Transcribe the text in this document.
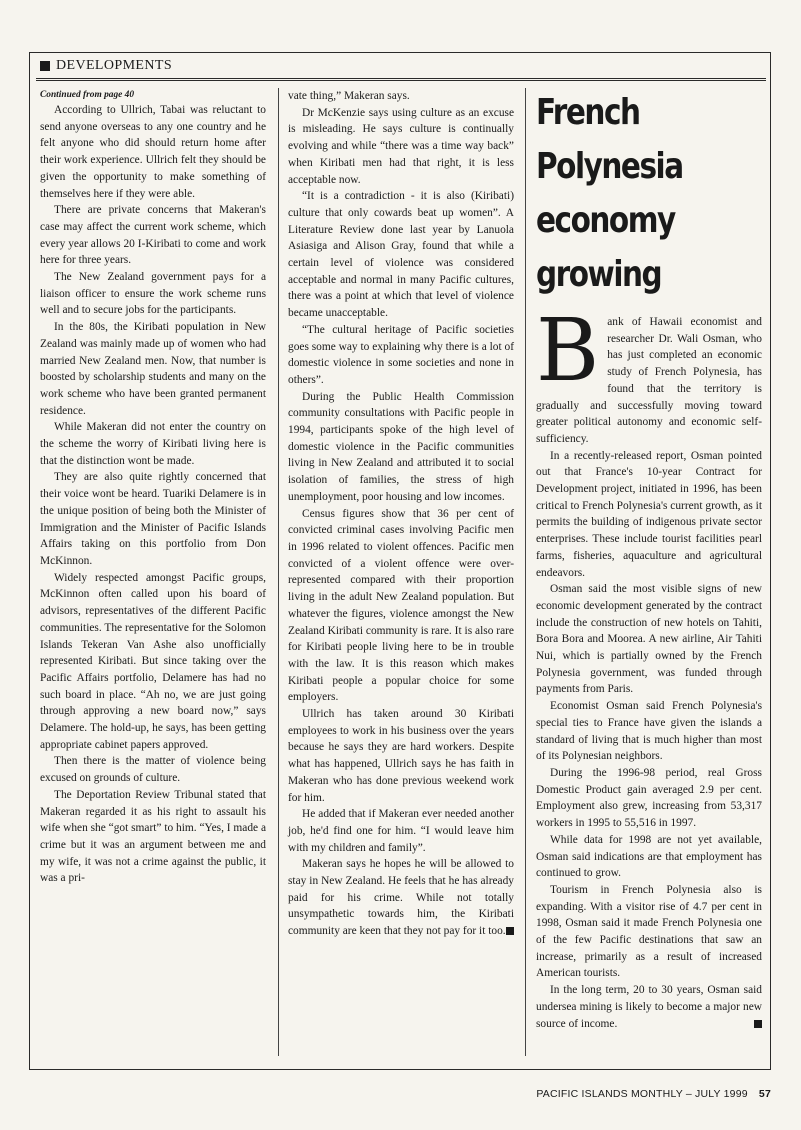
DEVELOPMENTS
Continued from page 40

According to Ullrich, Tabai was reluctant to send anyone overseas to any one country and he felt anyone who did should return home after their work experience. Ullrich felt they should be given the opportunity to make something of themselves here if they were able.

There are private concerns that Makeran's case may affect the current work scheme, which every year allows 20 I-Kiribati to come and work here for three years.

The New Zealand government pays for a liaison officer to ensure the work scheme runs well and to secure jobs for the participants.

In the 80s, the Kiribati population in New Zealand was mainly made up of women who had married New Zealand men. Now, that number is boosted by scholarship students and many on the work scheme who have been granted permanent residence.

While Makeran did not enter the country on the scheme the worry of Kiribati living here is that the distinction wont be made.

They are also quite rightly concerned that their voice wont be heard. Tuariki Delamere is in the unique position of being both the Minister of Immigration and the Minister of Pacific Islands Affairs taking on this portfolio from Don McKinnon.

Widely respected amongst Pacific groups, McKinnon often called upon his board of advisors, representatives of the different Pacific communities. The representative for the Solomon Islands Tekeran Van Ashe also unofficially represented Kiribati. But since taking over the Pacific Affairs portfolio, Delamere has had no such board in place. “Ah no, we are just going through approving a new board now,” says Delamere. The hold-up, he says, has been getting appropriate cabinet papers approved.

Then there is the matter of violence being excused on grounds of culture.

The Deportation Review Tribunal stated that Makeran regarded it as his right to assault his wife when she “got smart” to him. “Yes, I made a crime but it was an argument between me and my wife, it was not a crime against the public, it was a pri-

vate thing,” Makeran says.

Dr McKenzie says using culture as an excuse is misleading. He says culture is continually evolving and while “there was a time way back” when Kiribati men had that right, it is less acceptable now.

“It is a contradiction - it is also (Kiribati) culture that only cowards beat up women”. A Literature Review done last year by Lanuola Asiasiga and Alison Gray, found that while a certain level of violence was considered acceptable and normal in many Pacific cultures, there was a point at which that level of violence became unacceptable.

“The cultural heritage of Pacific societies goes some way to explaining why there is a lot of domestic violence in some societies and none in others”.

During the Public Health Commission community consultations with Pacific people in 1994, participants spoke of the high level of domestic violence in the Pacific communities living in New Zealand and attributed it to social isolation of families, the stress of high unemployment, poor housing and low incomes.

Census figures show that 36 per cent of convicted criminal cases involving Pacific men in 1996 related to violent offences. Pacific men convicted of a violent offence were over-represented compared with their proportion living in the adult New Zealand population. But whatever the figures, violence amongst the New Zealand Kiribati community is rare. It is also rare for Kiribati people living here to be in trouble with the law. It is this reason which makes Kiribati people a popular choice for some employers.

Ullrich has taken around 30 Kiribati employees to work in his business over the years because he says they are hard workers. Despite what has happened, Ullrich says he has faith in Makeran who has done previous weekend work for him.

He added that if Makeran ever needed another job, he'd find one for him. “I would leave him with my children and family”.

Makeran says he hopes he will be allowed to stay in New Zealand. He feels that he has already paid for his crime. While not totally unsympathetic towards him, the Kiribati community are keen that they not pay for it too.

French Polynesia
economy growing
B ank of Hawaii economist and researcher Dr. Wali Osman, who has just completed an economic study of French Polynesia, has found that the territory is gradually and successfully moving toward greater political autonomy and economic self-sufficiency.

In a recently-released report, Osman pointed out that France's 10-year Contract for Development project, initiated in 1996, has been critical to French Polynesia's current growth, as it permits the building of indigenous private sector enterprises. These include tourist facilities pearl farms, fisheries, aquaculture and agricultural endeavors.

Osman said the most visible signs of new economic development generated by the contract include the construction of new hotels on Tahiti, Bora Bora and Moorea. A new airline, Air Tahiti Nui, which is partially owned by the French Polynesia government, was funded through payments from Paris.

Economist Osman said French Polynesia's special ties to France have given the islands a standard of living that is much higher than most of its Polynesian neighbors.

During the 1996-98 period, real Gross Domestic Product gain averaged 2.9 per cent. Employment also grew, increasing from 53,317 workers in 1995 to 55,516 in 1997.

While data for 1998 are not yet available, Osman said indications are that employment has continued to grow.

Tourism in French Polynesia also is expanding. With a visitor rise of 4.7 per cent in 1998, Osman said it made French Polynesia one of the few Pacific destinations that saw an increase, primarily as a result of increased American tourists.

In the long term, 20 to 30 years, Osman said undersea mining is likely to become a major new source of income.

PACIFIC ISLANDS MONTHLY – JULY 1999 57
